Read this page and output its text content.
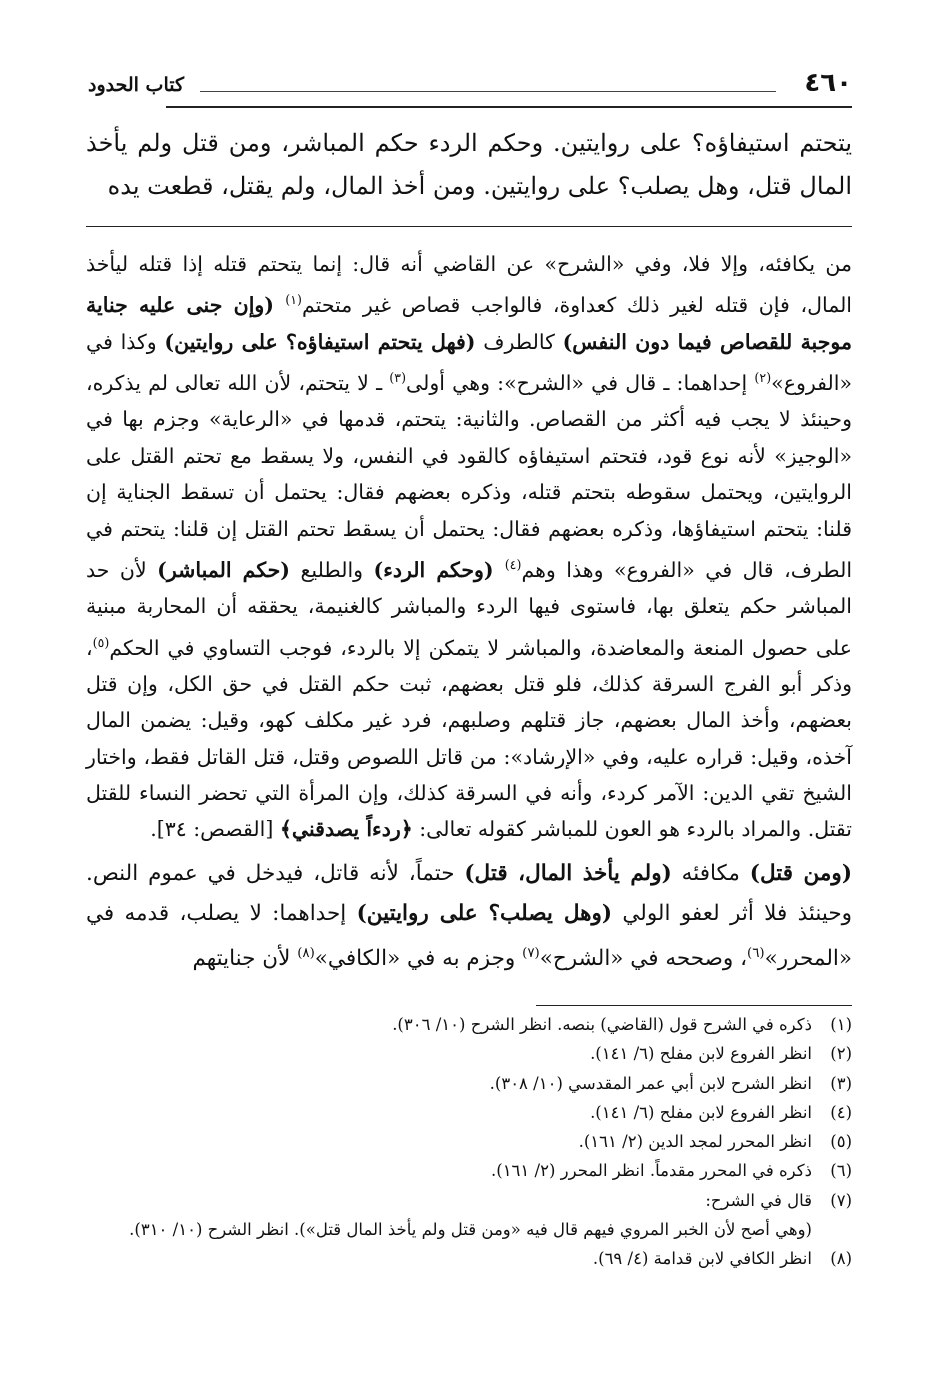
٤٦٠
كتاب الحدود
يتحتم استيفاؤه؟ على روايتين. وحكم الردء حكم المباشر، ومن قتل ولم يأخذ المال قتل، وهل يصلب؟ على روايتين. ومن أخذ المال، ولم يقتل، قطعت يده

من يكافئه، وإلا فلا، وفي «الشرح» عن القاضي أنه قال: إنما يتحتم قتله إذا قتله ليأخذ المال، فإن قتله لغير ذلك كعداوة، فالواجب قصاص غير متحتم$^{(١)}$ (وإن جنى عليه جناية موجبة للقصاص فيما دون النفس) كالطرف (فهل يتحتم استيفاؤه؟ على روايتين) وكذا في «الفروع»$^{(٢)}$ إحداهما: ـ قال في «الشرح»: وهي أولى$^{(٣)}$ ـ لا يتحتم، لأن الله تعالى لم يذكره، وحينئذ لا يجب فيه أكثر من القصاص. والثانية: يتحتم، قدمها في «الرعاية» وجزم بها في «الوجيز» لأنه نوع قود، فتحتم استيفاؤه كالقود في النفس، ولا يسقط مع تحتم القتل على الروايتين، ويحتمل سقوطه بتحتم قتله، وذكره بعضهم فقال: يحتمل أن تسقط الجناية إن قلنا: يتحتم استيفاؤها، وذكره بعضهم فقال: يحتمل أن يسقط تحتم القتل إن قلنا: يتحتم في الطرف، قال في «الفروع» وهذا وهم$^{(٤)}$ (وحكم الردء) والطليع (حكم المباشر) لأن حد المباشر حكم يتعلق بها، فاستوى فيها الردء والمباشر كالغنيمة، يحققه أن المحاربة مبنية على حصول المنعة والمعاضدة، والمباشر لا يتمكن إلا بالردء، فوجب التساوي في الحكم$^{(٥)}$، وذكر أبو الفرج السرقة كذلك، فلو قتل بعضهم، ثبت حكم القتل في حق الكل، وإن قتل بعضهم، وأخذ المال بعضهم، جاز قتلهم وصلبهم، فرد غير مكلف كهو، وقيل: يضمن المال آخذه، وقيل: قراره عليه، وفي «الإرشاد»: من قاتل اللصوص وقتل، قتل القاتل فقط، واختار الشيخ تقي الدين: الآمر كردء، وأنه في السرقة كذلك، وإن المرأة التي تحضر النساء للقتل تقتل. والمراد بالردء هو العون للمباشر كقوله تعالى: ﴿ردءاً يصدقني﴾ [القصص: ٣٤].

(ومن قتل) مكافئه (ولم يأخذ المال، قتل) حتماً، لأنه قاتل، فيدخل في عموم النص. وحينئذ فلا أثر لعفو الولي (وهل يصلب؟ على روايتين) إحداهما: لا يصلب، قدمه في «المحرر»$^{(٦)}$، وصححه في «الشرح»$^{(٧)}$ وجزم به في «الكافي»$^{(٨)}$ لأن جنايتهم

(١)
ذكره في الشرح قول (القاضي) بنصه. انظر الشرح (١٠/ ٣٠٦).
(٢)
انظر الفروع لابن مفلح (٦/ ١٤١).
(٣)
انظر الشرح لابن أبي عمر المقدسي (١٠/ ٣٠٨).
(٤)
انظر الفروع لابن مفلح (٦/ ١٤١).
(٥)
انظر المحرر لمجد الدين (٢/ ١٦١).
(٦)
ذكره في المحرر مقدماً. انظر المحرر (٢/ ١٦١).
(٧)
قال في الشرح:
(وهي أصح لأن الخبر المروي فيهم قال فيه «ومن قتل ولم يأخذ المال قتل»). انظر الشرح (١٠/ ٣١٠).
(٨)
انظر الكافي لابن قدامة (٤/ ٦٩).
